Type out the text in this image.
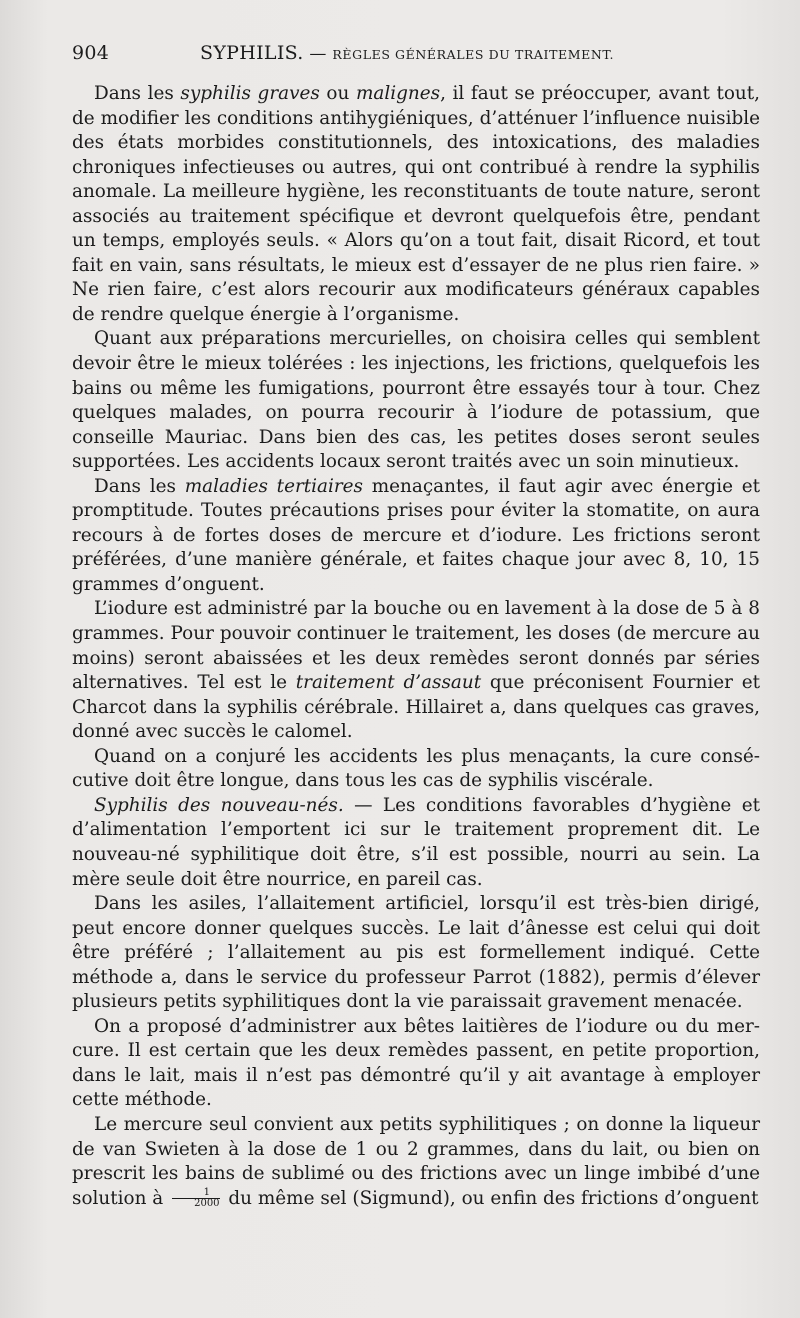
904	SYPHILIS. — RÈGLES GÉNÉRALES DU TRAITEMENT.

Dans les syphilis graves ou malignes, il faut se préoccuper, avant tout, de modifier les conditions antihygiéniques, d’atténuer l’influence nuisible des états morbides constitutionnels, des intoxications, des maladies chroniques infectieuses ou autres, qui ont contribué à rendre la syphilis anomale. La meilleure hygiène, les reconstituants de toute nature, seront associés au traitement spécifique et devront quelquefois être, pendant un temps, employés seuls. « Alors qu’on a tout fait, disait Ricord, et tout fait en vain, sans résultats, le mieux est d’essayer de ne plus rien faire. » Ne rien faire, c’est alors recourir aux modificateurs généraux capables de rendre quelque énergie à l’organisme.

Quant aux préparations mercurielles, on choisira celles qui semblent devoir être le mieux tolérées : les injections, les frictions, quelquefois les bains ou même les fumigations, pourront être essayés tour à tour. Chez quelques malades, on pourra recourir à l’iodure de potassium, que conseille Mauriac. Dans bien des cas, les petites doses seront seules supportées. Les accidents locaux seront traités avec un soin minutieux.

Dans les maladies tertiaires menaçantes, il faut agir avec énergie et promptitude. Toutes précautions prises pour éviter la stomatite, on aura recours à de fortes doses de mercure et d’iodure. Les frictions seront préférées, d’une manière générale, et faites chaque jour avec 8, 10, 15 grammes d’onguent.

L’iodure est administré par la bouche ou en lavement à la dose de 5 à 8 grammes. Pour pouvoir continuer le traitement, les doses (de mercure au moins) seront abaissées et les deux remèdes seront donnés par séries alternatives. Tel est le traitement d’assaut que préconisent Fournier et Charcot dans la syphilis cérébrale. Hillairet a, dans quelques cas graves, donné avec succès le calomel.

Quand on a conjuré les accidents les plus menaçants, la cure consécutive doit être longue, dans tous les cas de syphilis viscérale.

Syphilis des nouveau-nés. — Les conditions favorables d’hygiène et d’alimentation l’emportent ici sur le traitement proprement dit. Le nouveau-né syphilitique doit être, s’il est possible, nourri au sein. La mère seule doit être nourrice, en pareil cas.

Dans les asiles, l’allaitement artificiel, lorsqu’il est très-bien dirigé, peut encore donner quelques succès. Le lait d’ânesse est celui qui doit être préféré ; l’allaitement au pis est formellement indiqué. Cette méthode a, dans le service du professeur Parrot (1882), permis d’élever plusieurs petits syphilitiques dont la vie paraissait gravement menacée.

On a proposé d’administrer aux bêtes laitières de l’iodure ou du mercure. Il est certain que les deux remèdes passent, en petite proportion, dans le lait, mais il n’est pas démontré qu’il y ait avantage à employer cette méthode.

Le mercure seul convient aux petits syphilitiques ; on donne la liqueur de van Swieten à la dose de 1 ou 2 grammes, dans du lait, ou bien on prescrit les bains de sublimé ou des frictions avec un linge imbibé d’une solution à $\frac{1}{2000}$ du même sel (Sigmund), ou enfin des frictions d’onguent
